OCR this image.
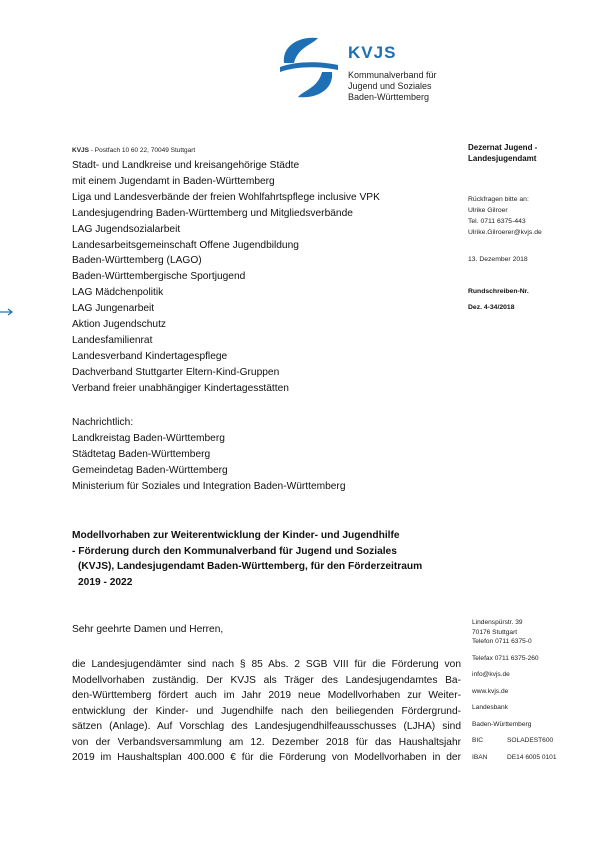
KVJS
Kommunalverband für
Jugend und Soziales
Baden-Württemberg
KVJS - Postfach 10 60 22, 70049 Stuttgart
Stadt- und Landkreise und kreisangehörige Städte
mit einem Jugendamt in Baden-Württemberg
Liga und Landesverbände der freien Wohlfahrtspflege inclusive VPK
Landesjugendring Baden-Württemberg und Mitgliedsverbände
LAG Jugendsozialarbeit
Landesarbeitsgemeinschaft Offene Jugendbildung
Baden-Württemberg (LAGO)
Baden-Württembergische Sportjugend
LAG Mädchenpolitik
LAG Jungenarbeit
Aktion Jugendschutz
Landesfamilienrat
Landesverband Kindertagespflege
Dachverband Stuttgarter Eltern-Kind-Gruppen
Verband freier unabhängiger Kindertagesstätten
Nachrichtlich:
Landkreistag Baden-Württemberg
Städtetag Baden-Württemberg
Gemeindetag Baden-Württemberg
Ministerium für Soziales und Integration Baden-Württemberg
Dezernat Jugend -
Landesjugendamt
Rückfragen bitte an:
Ulrike Gilroer
Tel. 0711 6375-443
Ulrike.Gilroerer@kvjs.de
13. Dezember 2018
Rundschreiben-Nr.
Dez. 4-34/2018
Modellvorhaben zur Weiterentwicklung der Kinder- und Jugendhilfe
- Förderung durch den Kommunalverband für Jugend und Soziales
(KVJS), Landesjugendamt Baden-Württemberg, für den Förderzeitraum
2019 - 2022
Sehr geehrte Damen und Herren,
die Landesjugendämter sind nach § 85 Abs. 2 SGB VIII für die Förderung von
Modellvorhaben zuständig. Der KVJS als Träger des Landesjugendamtes Ba-
den-Württemberg fördert auch im Jahr 2019 neue Modellvorhaben zur Weiter-
entwicklung der Kinder- und Jugendhilfe nach den beiliegenden Fördergrund-
sätzen (Anlage). Auf Vorschlag des Landesjugendhilfeausschusses (LJHA) sind
von der Verbandsversammlung am 12. Dezember 2018 für das Haushaltsjahr
2019 im Haushaltsplan 400.000 € für die Förderung von Modellvorhaben in der
Lindenspürstr. 39
70176 Stuttgart
Telefon 0711 6375-0
Telefax 0711 6375-260
info@kvjs.de
www.kvjs.de
Landesbank
Baden-Württemberg
BIC	SOLADEST600
IBAN	DE14 6005 0101
